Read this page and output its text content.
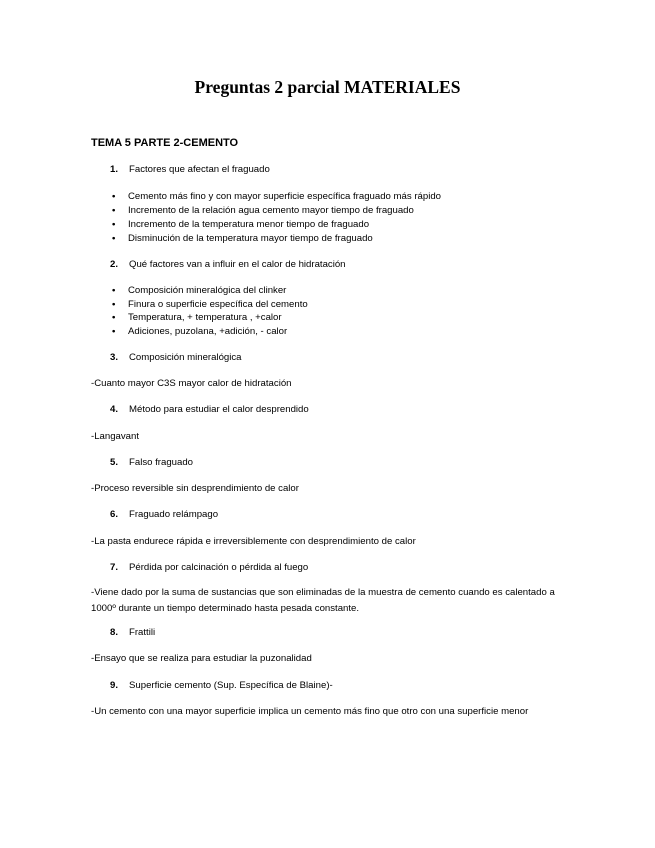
Preguntas 2 parcial MATERIALES
TEMA 5 PARTE 2-CEMENTO
1. Factores que afectan el fraguado
• Cemento más fino y con mayor superficie específica fraguado más rápido
• Incremento de la relación agua cemento mayor tiempo de fraguado
• Incremento de la temperatura menor tiempo de fraguado
• Disminución de la temperatura mayor tiempo de fraguado
2. Qué factores van a influir en el calor de hidratación
• Composición mineralógica del clinker
• Finura o superficie específica del cemento
• Temperatura, + temperatura , +calor
• Adiciones, puzolana, +adición, - calor
3. Composición mineralógica
-Cuanto mayor C3S mayor calor de hidratación
4. Método para estudiar el calor desprendido
-Langavant
5. Falso fraguado
-Proceso reversible sin desprendimiento de calor
6. Fraguado relámpago
-La pasta endurece rápida e irreversiblemente con desprendimiento de calor
7. Pérdida por calcinación o pérdida al fuego
-Viene dado por la suma de sustancias que son eliminadas de la muestra de cemento cuando es calentado a 1000º durante un tiempo determinado hasta pesada constante.
8. Frattili
-Ensayo que se realiza para estudiar la puzonalidad
9. Superficie cemento (Sup. Específica de Blaine)-
-Un cemento con una mayor superficie implica un cemento más fino que otro con una superficie menor
